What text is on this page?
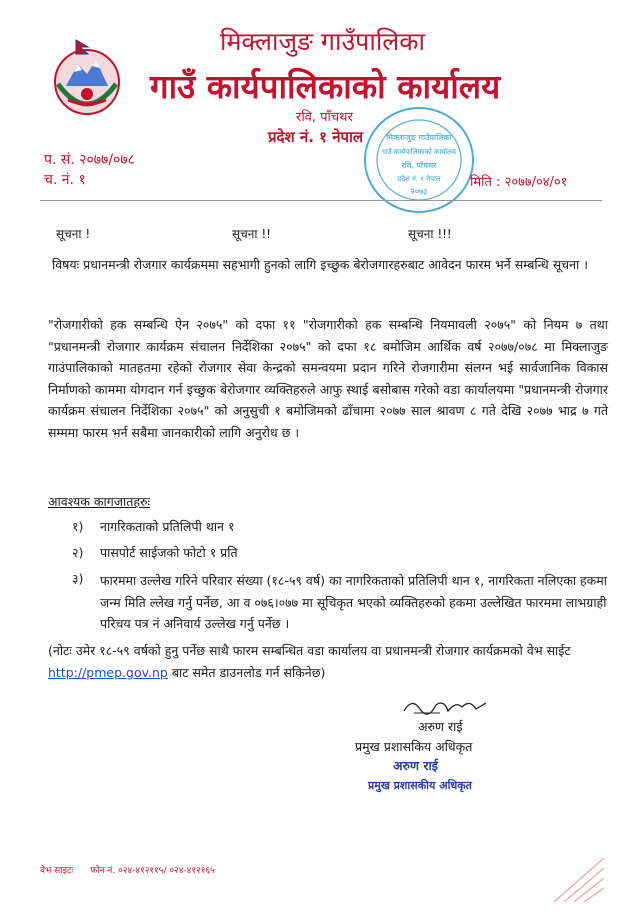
मिक्लाजुङ गाउँपालिका
गाउँ कार्यपालिकाको कार्यालय
रवि, पाँचथर
प्रदेश नं. १ नेपाल	मिक्लाजुङ गाउँपालिका
गाउँ कार्यपालिकाको कार्यालय
रवि, पाँचथर
प्रदेश नं. १ नेपाल
२०७३
प. सं. २०७७/०७८
च. नं. १	मिति : २०७७/०४/०१
सूचना !	सूचना !!	सूचना !!!
विषयः प्रधानमन्त्री रोजगार कार्यक्रममा सहभागी हुनको लागि इच्छुक बेरोजगारहरुबाट आवेदन फारम भर्ने सम्बन्धि सूचना ।
"रोजगारीको हक सम्बन्धि ऐन २०७५" को दफा ११ "रोजगारीको हक सम्बन्धि नियमावली २०७५" को नियम ७ तथा "प्रधानमन्त्री रोजगार कार्यक्रम संचालन निर्देशिका २०७५" को दफा १८ बमोजिम आर्थिक वर्ष २०७७/०७८ मा मिक्लाजुङ गाउंपालिकाको मातहतमा रहेको रोजगार सेवा केन्द्रको समन्वयमा प्रदान गरिने रोजगारीमा संलग्न भई सार्वजानिक विकास निर्माणको काममा योगदान गर्न इच्छुक बेरोजगार व्यक्तिहरुले आफु स्थाई बसोबास गरेको वडा कार्यालयमा "प्रधानमन्त्री रोजगार कार्यक्रम संचालन निर्देशिका २०७५" को अनुसुची १ बमोजिमको ढाँचामा २०७७ साल श्रावण ८ गते देखि २०७७ भाद्र ७ गते सम्ममा फारम भर्न सबैमा जानकारीको लागि अनुरोध छ ।
आवश्यक कागजातहरुः
१) नागरिकताको प्रतिलिपी थान १
२) पासपोर्ट साईजको फोटो १ प्रति
३) फारममा उल्लेख गरिने परिवार संख्या (१८-५९ वर्ष) का नागरिकताको प्रतिलिपी थान १, नागरिकता नलिएका हकमा जन्म मिति ल्लेख गर्नु पर्नेछ, आ व ०७६।०७७ मा सूचिकृत भएको व्यक्तिहरुको हकमा उल्लेखित फारममा लाभग्राही परिचय पत्र नं अनिवार्य उल्लेख गर्नु पर्नेछ ।
(नोटः उमेर १८-५९ वर्षको हुनु पर्नेछ साथै फारम सम्बन्धित वडा कार्यालय वा प्रधानमन्त्री रोजगार कार्यक्रमको वेभ साईट http://pmep.gov.np बाट समेत डाउनलोड गर्न सकिनेछ)
अरुण राई
प्रमुख प्रशासकिय अधिकृत
अरुण राई
प्रमुख प्रशासकीय अधिकृत
वेभ साइटः फोन नं. ०२४-४१२११५/ ०२४-४१२१६५
